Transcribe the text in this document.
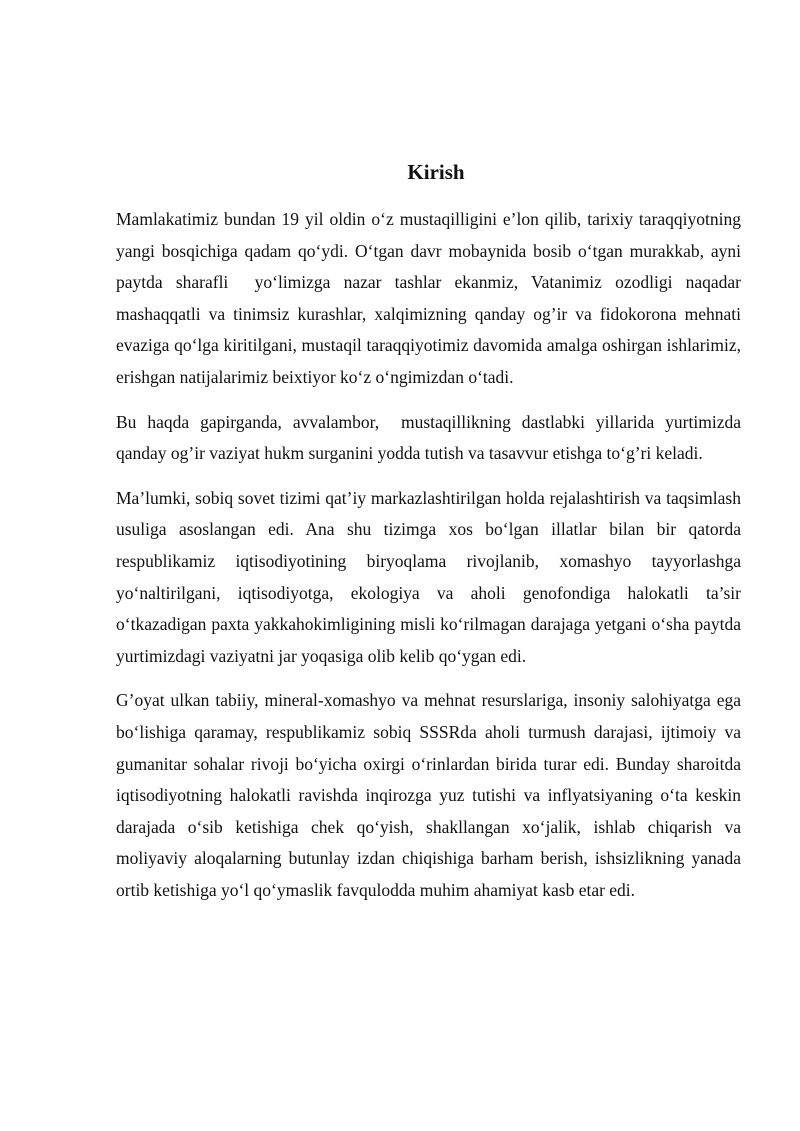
Kirish

Mamlakatimiz bundan 19 yil oldin o‘z mustaqilligini e’lon qilib, tarixiy taraqqiyotning yangi bosqichiga qadam qo‘ydi. O‘tgan davr mobaynida bosib o‘tgan murakkab, ayni paytda sharafli  yo‘limizga nazar tashlar ekanmiz, Vatanimiz ozodligi naqadar mashaqqatli va tinimsiz kurashlar, xalqimizning qanday og’ir va fidokorona mehnati evaziga qo‘lga kiritilgani, mustaqil taraqqiyotimiz davomida amalga oshirgan ishlarimiz, erishgan natijalarimiz beixtiyor ko‘z o‘ngimizdan o‘tadi.

Bu haqda gapirganda, avvalambor,  mustaqillikning dastlabki yillarida yurtimizda qanday og’ir vaziyat hukm surganini yodda tutish va tasavvur etishga to‘g’ri keladi.

Ma’lumki, sobiq sovet tizimi qat’iy markazlashtirilgan holda rejalashtirish va taqsimlash usuliga asoslangan edi. Ana shu tizimga xos bo‘lgan illatlar bilan bir qatorda respublikamiz iqtisodiyotining biryoqlama rivojlanib, xomashyo tayyorlashga yo‘naltirilgani, iqtisodiyotga, ekologiya va aholi genofondiga halokatli ta’sir o‘tkazadigan paxta yakkahokimligining misli ko‘rilmagan darajaga yetgani o‘sha paytda yurtimizdagi vaziyatni jar yoqasiga olib kelib qo‘ygan edi.

G’oyat ulkan tabiiy, mineral-xomashyo va mehnat resurslariga, insoniy salohiyatga ega bo‘lishiga qaramay, respublikamiz sobiq SSSRda aholi turmush darajasi, ijtimoiy va gumanitar sohalar rivoji bo‘yicha oxirgi o‘rinlardan birida turar edi. Bunday sharoitda iqtisodiyotning halokatli ravishda inqirozga yuz tutishi va inflyatsiyaning o‘ta keskin darajada o‘sib ketishiga chek qo‘yish, shakllangan xo‘jalik, ishlab chiqarish va moliyaviy aloqalarning butunlay izdan chiqishiga barham berish, ishsizlikning yanada ortib ketishiga yo‘l qo‘ymaslik favqulodda muhim ahamiyat kasb etar edi.
